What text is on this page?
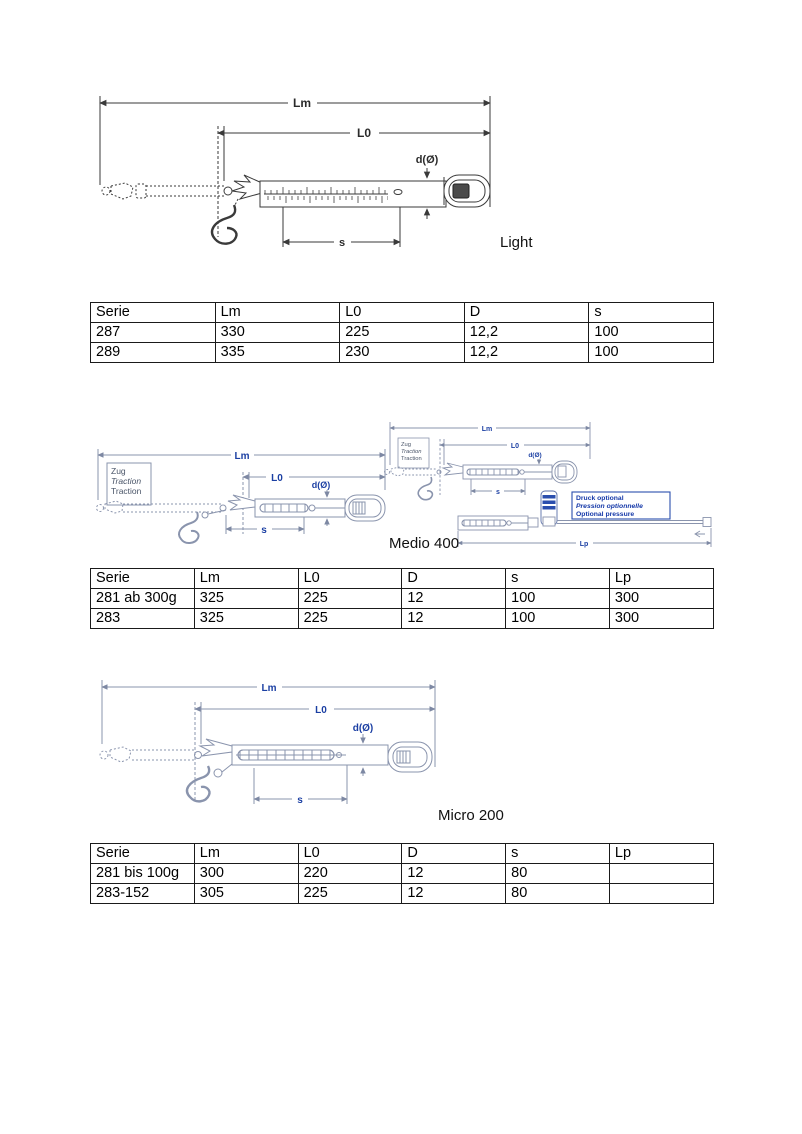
Lm
L0
s
d(Ø)
Light
Serie	Lm	L0	D	s
287	330	225	12,2	100
289	335	230	12,2	100
Lm
L0
s
d(Ø)
Zug
Traction
Traction
Lm
L0
s
d(Ø)
Lp
Zug
Traction
Traction
Druck optional
Pression optionnelle
Optional pressure
Medio 400
Serie	Lm	L0	D	s	Lp
281 ab 300g	325	225	12	100	300
283	325	225	12	100	300
Lm
L0
s
d(Ø)
Micro 200
Serie	Lm	L0	D	s	Lp
281 bis 100g	300	220	12	80	
283-152	305	225	12	80	
